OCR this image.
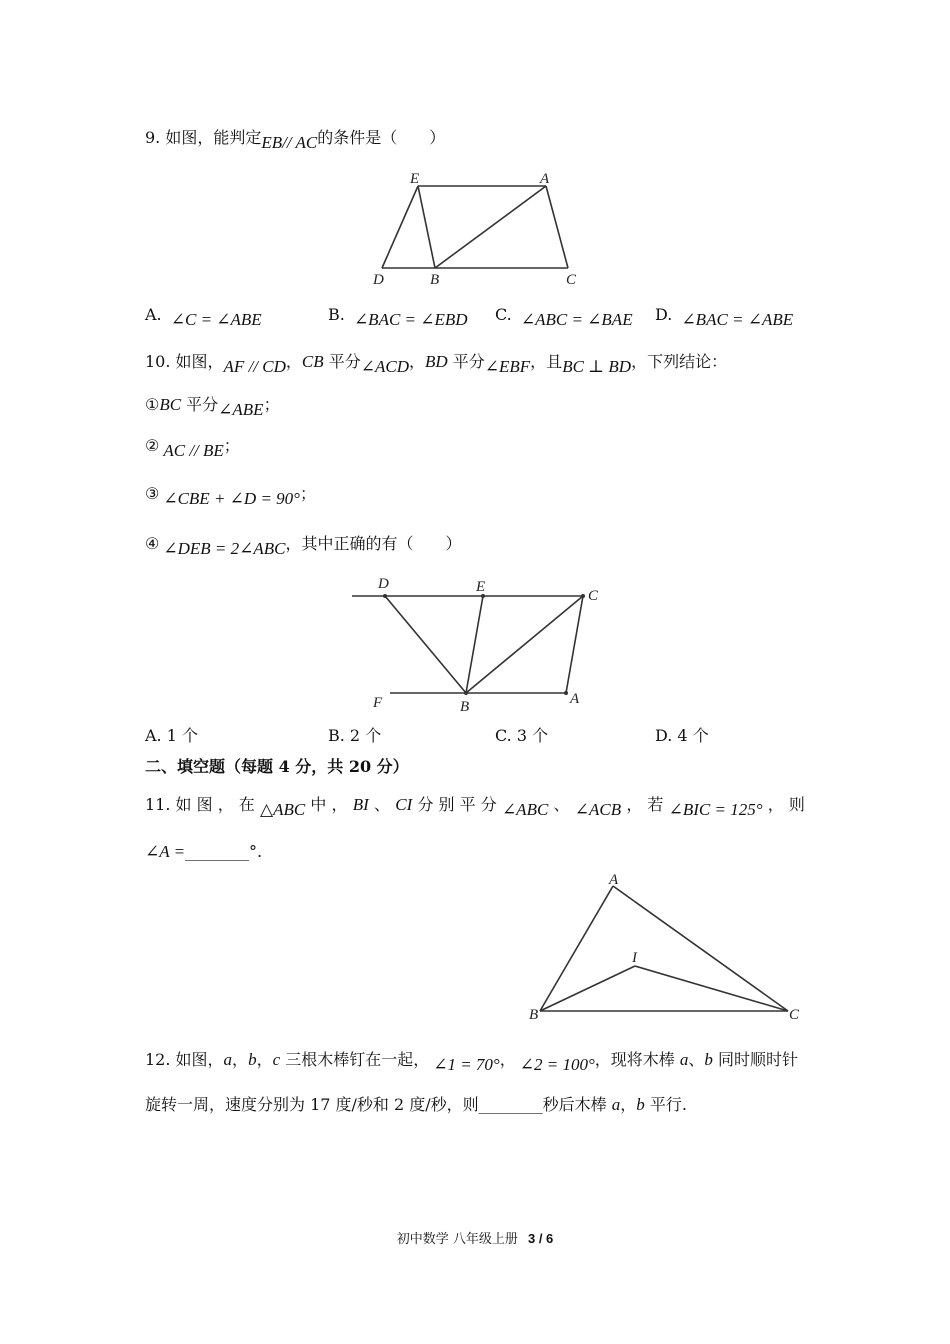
9. 如图，能判定EB// AC的条件是（　　）
E	A
D	B	C
A. ∠C = ∠ABE	B. ∠BAC = ∠EBD C. ∠ABC = ∠BAE D. ∠BAC = ∠ABE
10. 如图，AF // CD，CB 平分∠ACD，BD 平分∠EBF，且BC ⊥ BD，下列结论：
①BC 平分∠ABE；
② AC // BE；
③ ∠CBE + ∠D = 90°；
④ ∠DEB = 2∠ABC，其中正确的有（　　）
D	E
C
F	B	A
A. 1 个	B. 2 个	C. 3 个	D. 4 个
二、填空题（每题 4 分，共 20 分）
11. 如 图 ， 在 △ABC 中 ， BI 、 CI 分 别 平 分 ∠ABC 、 ∠ACB ， 若 ∠BIC = 125° ， 则
∠A =________°.
A
I
B	C
12. 如图，a，b，c 三根木棒钉在一起， ∠1 = 70°， ∠2 = 100°，现将木棒 a、b 同时顺时针
旋转一周，速度分别为 17 度/秒和 2 度/秒，则________秒后木棒 a，b 平行.
初中数学 八年级上册 3 / 6
